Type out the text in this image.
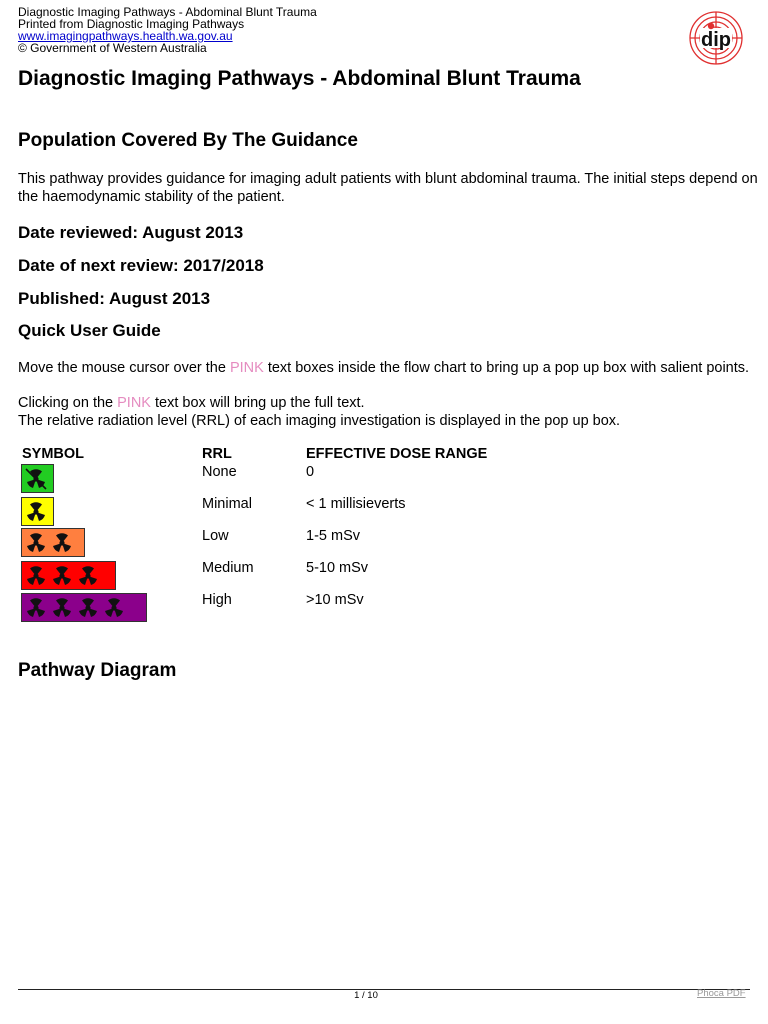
Diagnostic Imaging Pathways - Abdominal Blunt Trauma
Printed from Diagnostic Imaging Pathways
www.imagingpathways.health.wa.gov.au
© Government of Western Australia	dip
Diagnostic Imaging Pathways - Abdominal Blunt Trauma
Population Covered By The Guidance
This pathway provides guidance for imaging adult patients with blunt abdominal trauma. The initial steps depend on the haemodynamic stability of the patient.
Date reviewed: August 2013
Date of next review: 2017/2018
Published: August 2013
Quick User Guide
Move the mouse cursor over the PINK text boxes inside the flow chart to bring up a pop up box with salient points.
Clicking on the PINK text box will bring up the full text.
The relative radiation level (RRL) of each imaging investigation is displayed in the pop up box.
SYMBOL	RRL	EFFECTIVE DOSE RANGE
None	0
Minimal	< 1 millisieverts
Low	1-5 mSv
Medium	5-10 mSv
High	>10 mSv
Pathway Diagram
1 / 10	Phoca PDF
